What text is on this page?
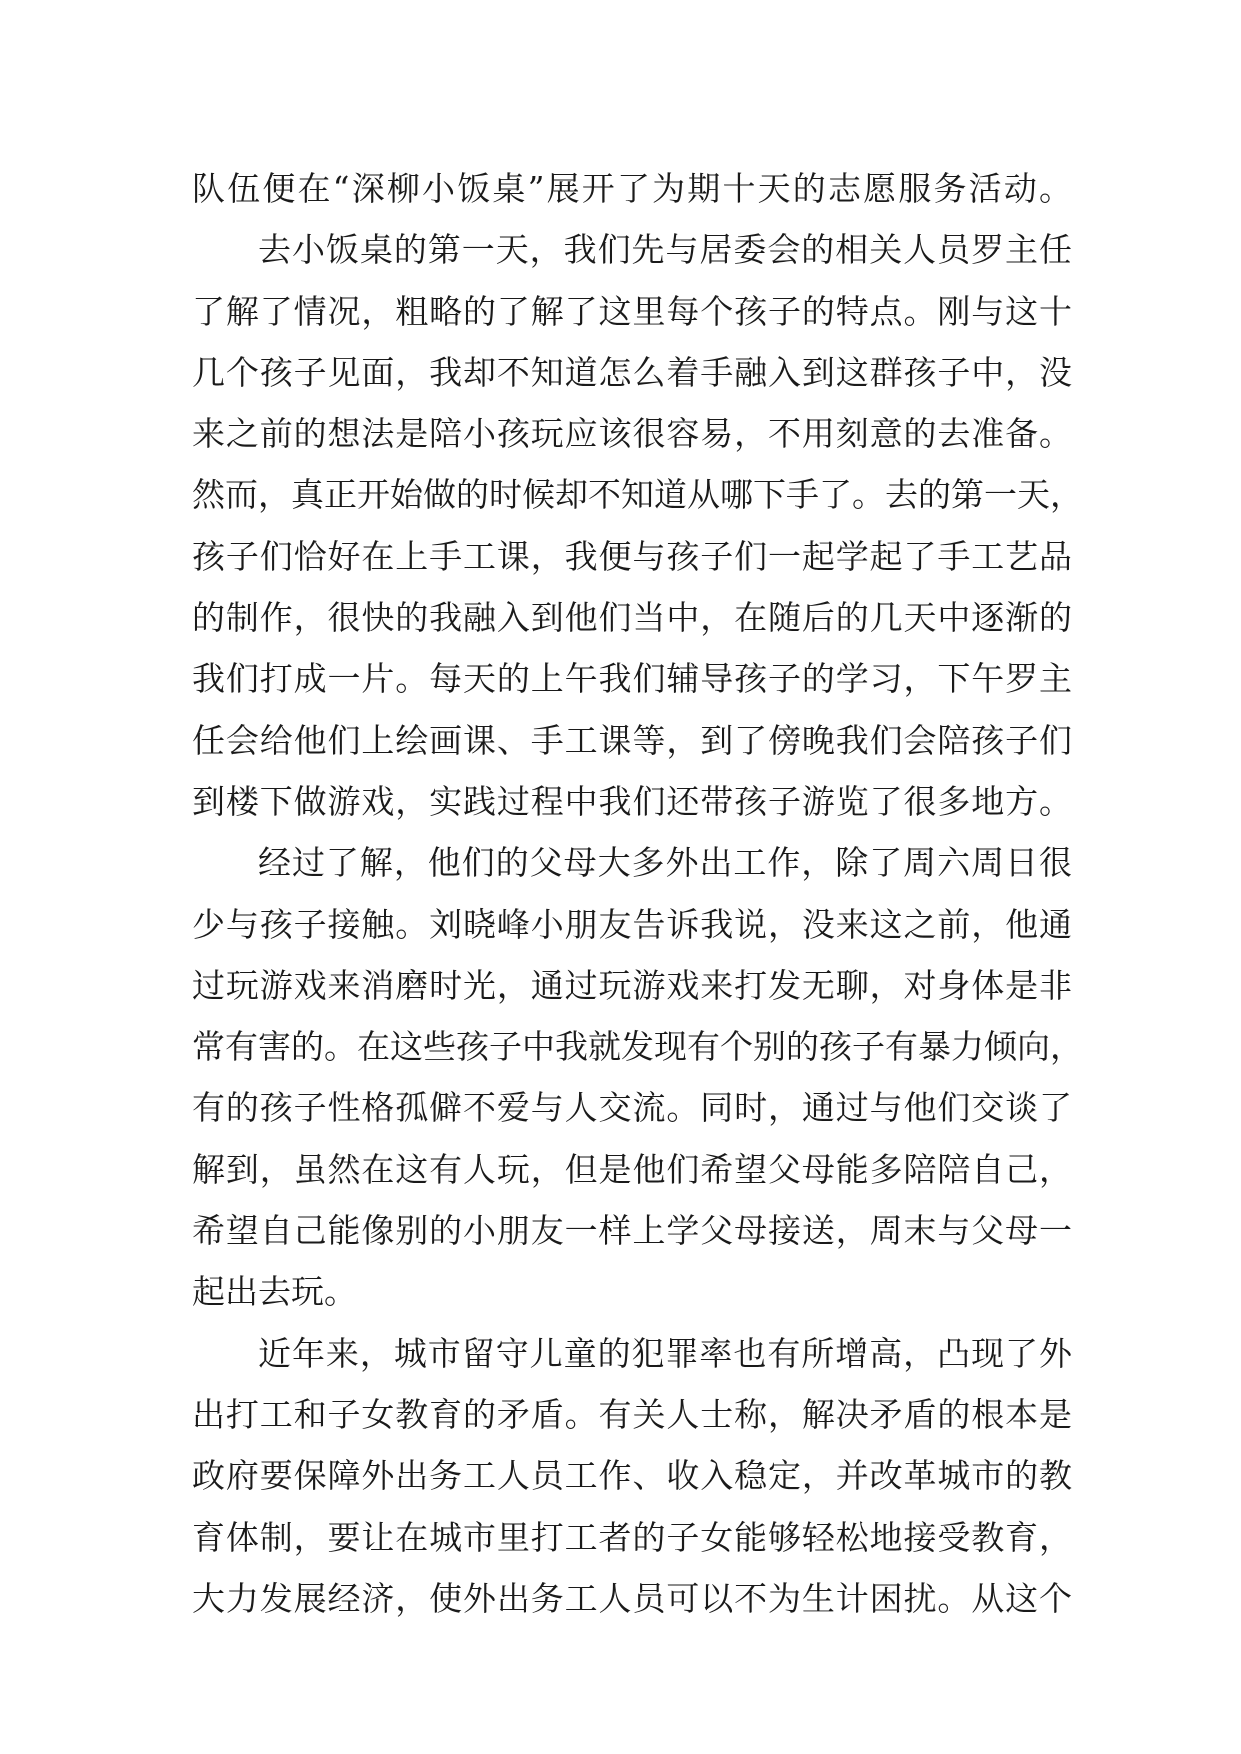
队伍便在“深柳小饭桌”展开了为期十天的志愿服务活动。
去小饭桌的第一天，我们先与居委会的相关人员罗主任
了解了情况，粗略的了解了这里每个孩子的特点。刚与这十
几个孩子见面，我却不知道怎么着手融入到这群孩子中，没
来之前的想法是陪小孩玩应该很容易，不用刻意的去准备。
然而，真正开始做的时候却不知道从哪下手了。去的第一天，
孩子们恰好在上手工课，我便与孩子们一起学起了手工艺品
的制作，很快的我融入到他们当中，在随后的几天中逐渐的
我们打成一片。每天的上午我们辅导孩子的学习，下午罗主
任会给他们上绘画课、手工课等，到了傍晚我们会陪孩子们
到楼下做游戏，实践过程中我们还带孩子游览了很多地方。
经过了解，他们的父母大多外出工作，除了周六周日很
少与孩子接触。刘晓峰小朋友告诉我说，没来这之前，他通
过玩游戏来消磨时光，通过玩游戏来打发无聊，对身体是非
常有害的。在这些孩子中我就发现有个别的孩子有暴力倾向，
有的孩子性格孤僻不爱与人交流。同时，通过与他们交谈了
解到，虽然在这有人玩，但是他们希望父母能多陪陪自己，
希望自己能像别的小朋友一样上学父母接送，周末与父母一
起出去玩。
近年来，城市留守儿童的犯罪率也有所增高，凸现了外
出打工和子女教育的矛盾。有关人士称，解决矛盾的根本是
政府要保障外出务工人员工作、收入稳定，并改革城市的教
育体制，要让在城市里打工者的子女能够轻松地接受教育，
大力发展经济，使外出务工人员可以不为生计困扰。从这个
